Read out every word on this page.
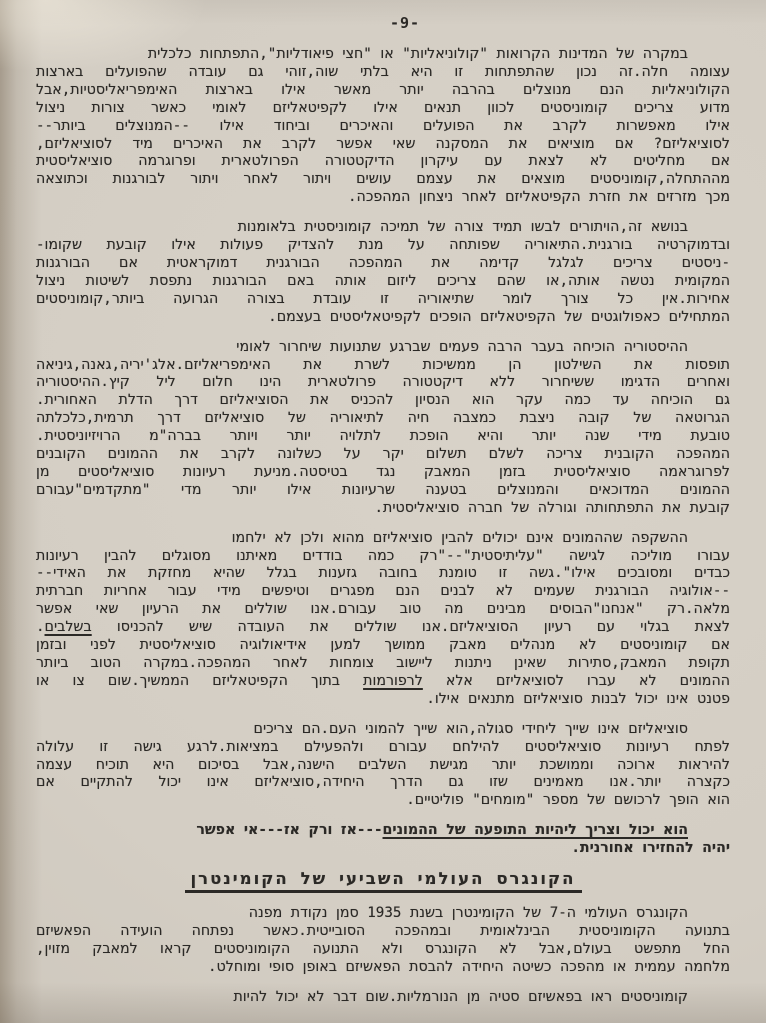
-9-
במקרה של המדינות הקרואות "קולוניאליות" או "חצי פיאודליות",התפתחות כלכלית
עצומה חלה.זה נכון שהתפתחות זו היא בלתי שוה,זוהי גם עובדה שהפועלים בארצות
הקולוניאליות הנם מנוצלים בהרבה יותר מאשר אילו בארצות האימפריאליסטיות,אבל
מדוע צריכים קומוניסטים לכוון תנאים אילו לקפיטאליזם לאומי כאשר צורות ניצול
אילו מאפשרות לקרב את הפועלים והאיכרים וביחוד אילו --המנוצלים ביותר--
לסוציאליזם? אם מוציאים את המסקנה שאי אפשר לקרב את האיכרים מיד לסוציאליזם,
אם מחליטים לא לצאת עם עיקרון הדיקטטורה הפרולטארית ופרוגרמה סוציאליסטית
מההתחלה,קומוניסטים מוצאים את עצמם עושים ויתור לאחר ויתור לבורגנות וכתוצאה
מכך מזרזים את חזרת הקפיטאליזם לאחר ניצחון המהפכה.
בנושא זה,הויתורים לבשו תמיד צורה של תמיכה קומוניסטית בלאומנות
ובדמוקרטיה בורגנית.התיאוריה שפותחה על מנת להצדיק פעולות אילו קובעת שקומו-
-ניסטים צריכים לגלגל קדימה את המהפכה הבורגנית דמוקראטית אם הבורגנות
המקומית נטשה אותה,או שהם צריכים ליזום אותה באם הבורגנות נתפסת לשיטות ניצול
אחירות.אין כל צורך לומר שתיאוריה זו עובדת בצורה הגרועה ביותר,קומוניסטים
המתחילים כאפולוגטים של הקפיטאליזם הופכים לקפיטאליסטים בעצמם.
ההיסטוריה הוכיחה בעבר הרבה פעמים שברגע שתנועות שיחרור לאומי
תופסות את השילטון הן ממשיכות לשרת את האימפריאליזם.אלג'יריה,גאנה,גיניאה
ואחרים הדגימו ששיחרור ללא דיקטטורה פרולטארית הינו חלום ליל קיץ.ההיסטוריה
גם הוכיחה עד כמה עקר הוא הנסיון להכניס את הסוציאליזם דרך הדלת האחורית.
הגרוטאה של קובה ניצבת כמצבה חיה לתיאוריה של סוציאליזם דרך תרמית,כלכלתה
טובעת מידי שנה יותר והיא הופכת לתלויה יותר ויותר בברה"מ הרויזיוניסטית.
המהפכה הקובנית צריכה לשלם תשלום יקר על כשלונה לקרב את ההמונים הקובנים
לפרוגראמה סוציאליסטית בזמן המאבק נגד בטיסטה.מניעת רעיונות סוציאליסטים מן
ההמונים המדוכאים והמנוצלים בטענה שרעיונות אילו יותר מדי "מתקדמים"עבורם
קובעת את התפתחותה וגורלה של חברה סוציאליסטית.
ההשקפה שההמונים אינם יכולים להבין סוציאליזם מהוא ולכן לא ילחמו
עבורו מוליכה לגישה "עליתיסטית"--"רק כמה בודדים מאיתנו מסוגלים להבין רעיונות
כבדים ומסובכים אילו".גשה זו טומנת בחובה גזענות בגלל שהיא מחזקת את האידי--
--אולוגיה הבורגנית שעמים לא לבנים הנם מפגרים וטיפשים מידי עבור אחריות חברתית
מלאה.רק "אנחנו"הבוסים מבינים מה טוב עבורם.אנו שוללים את הרעיון שאי אפשר
לצאת בגלוי עם רעיון הסוציאליזם.אנו שוללים את העובדה שיש להכניסו בשלבים.
אם קומוניסטים לא מנהלים מאבק ממושך למען אידיאולוגיה סוציאליסטית לפני ובזמן
תקופת המאבק,סתירות שאינן ניתנות ליישוב צומחות לאחר המהפכה.במקרה הטוב ביותר
ההמונים לא עברו לסוציאליזם אלא לרפורמות בתוך הקפיטאליזם הממשיך.שום צו או
פטנט אינו יכול לבנות סוציאליזם מתנאים אילו.
סוציאליזם אינו שייך ליחידי סגולה,הוא שייך להמוני העם.הם צריכים
לפתח רעיונות סוציאליסטים להילחם עבורם ולהפעילם במציאות.לרגע גישה זו עלולה
להיראות ארוכה וממושכת יותר מגישת השלבים הישנה,אבל בסיכום היא תוכיח עצמה
כקצרה יותר.אנו מאמינים שזו גם הדרך היחידה,סוציאליזם אינו יכול להתקיים אם
הוא הופך לרכושם של מספר "מומחים" פוליטיים.
הוא יכול וצריך ליהיות התופעה של ההמונים---אז ורק אז---אי אפשר
יהיה להחזירו אחורנית.
הקונגרס העולמי השביעי של הקומינטרן
הקונגרס העולמי ה-7 של הקומינטרן בשנת 1935 סמן נקודת מפנה
בתנועה הקומוניסטית הבינלאומית ובמהפכה הסובייטית.כאשר נפתחה הועידה הפאשיזם
החל מתפשט בעולם,אבל לא הקונגרס ולא התנועה הקומוניסטים קראו למאבק מזוין,
מלחמה עממית או מהפכה כשיטה היחידה להבסת הפאשיזם באופן סופי ומוחלט.
קומוניסטים ראו בפאשיזם סטיה מן הנורמליות.שום דבר לא יכול להיות
